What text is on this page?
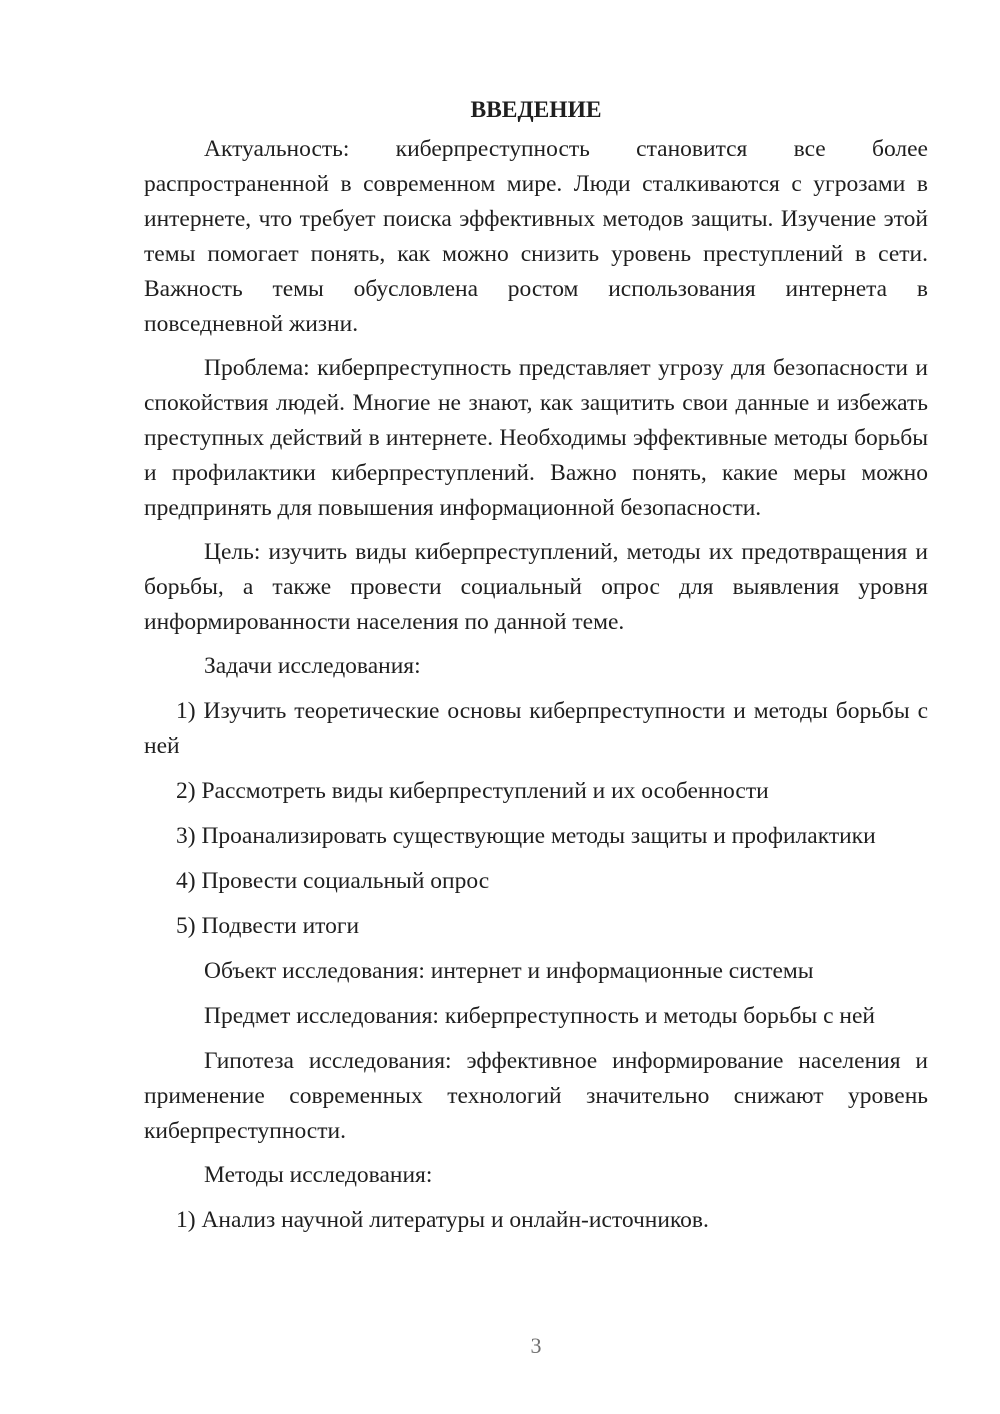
ВВЕДЕНИЕ

Актуальность: киберпреступность становится все более распространенной в современном мире. Люди сталкиваются с угрозами в интернете, что требует поиска эффективных методов защиты. Изучение этой темы помогает понять, как можно снизить уровень преступлений в сети. Важность темы обусловлена ростом использования интернета в повседневной жизни.

Проблема: киберпреступность представляет угрозу для безопасности и спокойствия людей. Многие не знают, как защитить свои данные и избежать преступных действий в интернете. Необходимы эффективные методы борьбы и профилактики киберпреступлений. Важно понять, какие меры можно предпринять для повышения информационной безопасности.

Цель: изучить виды киберпреступлений, методы их предотвращения и борьбы, а также провести социальный опрос для выявления уровня информированности населения по данной теме.

Задачи исследования:
1) Изучить теоретические основы киберпреступности и методы борьбы с ней
2) Рассмотреть виды киберпреступлений и их особенности
3) Проанализировать существующие методы защиты и профилактики
4) Провести социальный опрос
5) Подвести итоги
Объект исследования: интернет и информационные системы
Предмет исследования: киберпреступность и методы борьбы с ней

Гипотеза исследования: эффективное информирование населения и применение современных технологий значительно снижают уровень киберпреступности.

Методы исследования:
1) Анализ научной литературы и онлайн-источников.
3
